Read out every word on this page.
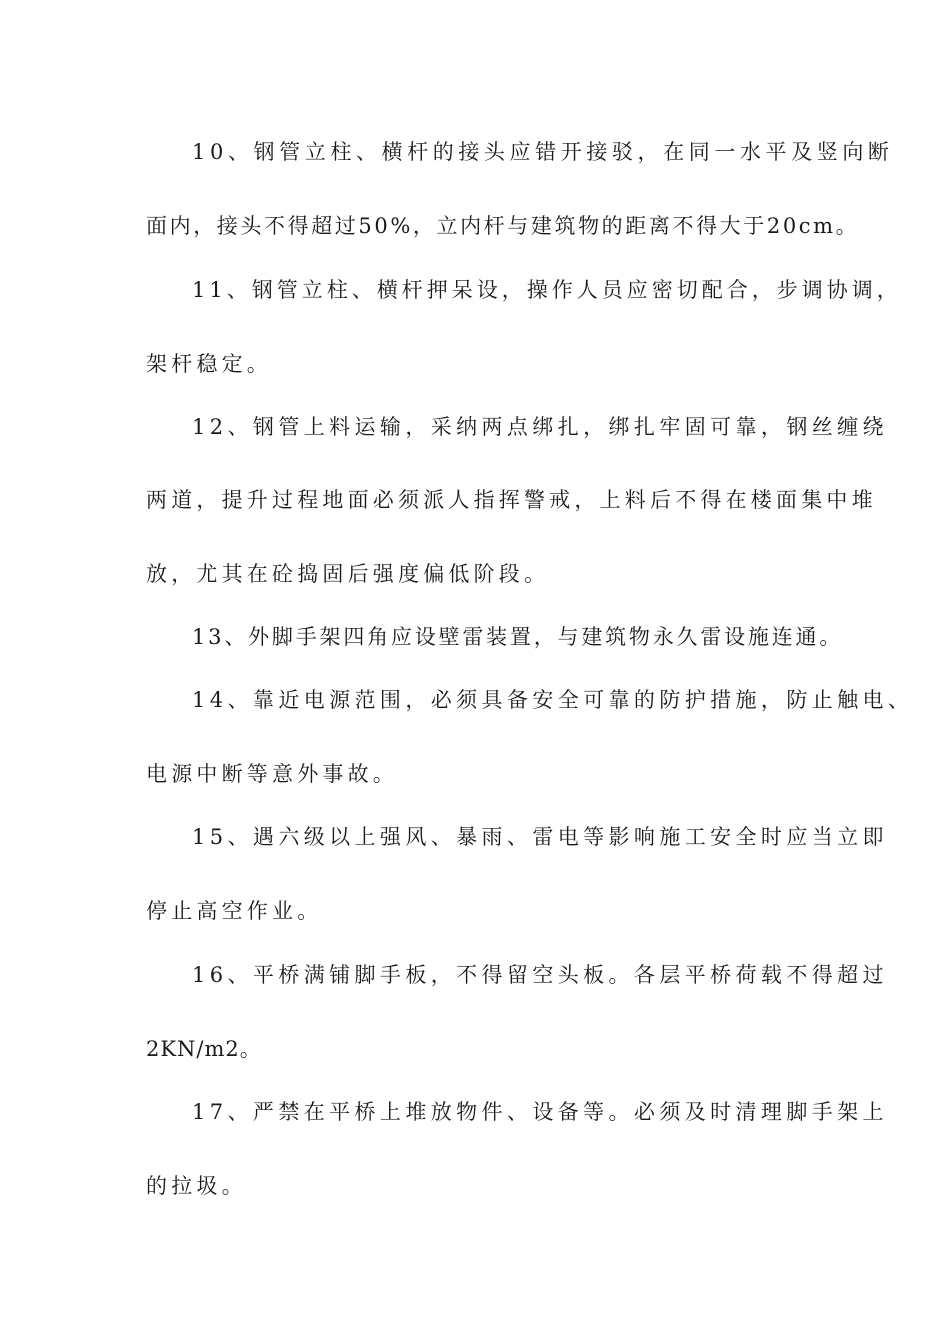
10、钢管立柱、横杆的接头应错开接驳，在同一水平及竖向断
面内，接头不得超过50%，立内杆与建筑物的距离不得大于20cm。
11、钢管立柱、横杆押呆设，操作人员应密切配合，步调协调，
架杆稳定。
12、钢管上料运输，采纳两点绑扎，绑扎牢固可靠，钢丝缠绕
两道，提升过程地面必须派人指挥警戒，上料后不得在楼面集中堆
放，尤其在砼捣固后强度偏低阶段。
13、外脚手架四角应设壁雷装置，与建筑物永久雷设施连通。
14、靠近电源范围，必须具备安全可靠的防护措施，防止触电、
电源中断等意外事故。
15、遇六级以上强风、暴雨、雷电等影响施工安全时应当立即
停止高空作业。
16、平桥满铺脚手板，不得留空头板。各层平桥荷载不得超过
2KN/m2。
17、严禁在平桥上堆放物件、设备等。必须及时清理脚手架上
的拉圾。
